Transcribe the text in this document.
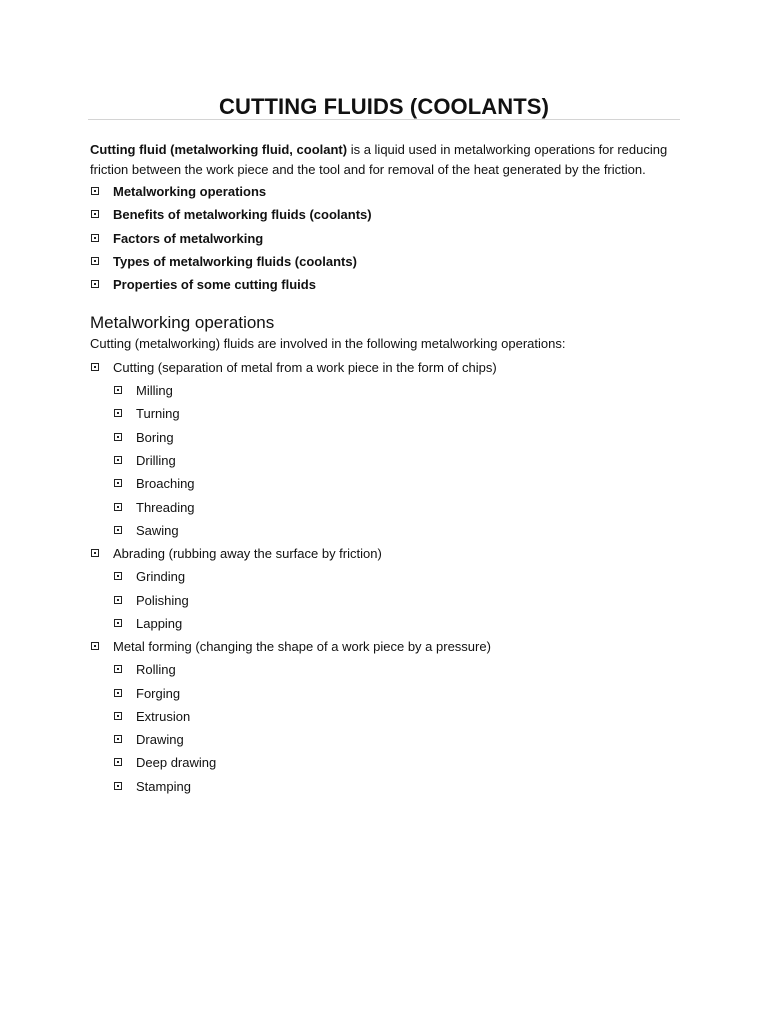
CUTTING FLUIDS (COOLANTS)

Cutting fluid (metalworking fluid, coolant) is a liquid used in metalworking operations for reducing friction between the work piece and the tool and for removal of the heat generated by the friction.

Metalworking operations
Benefits of metalworking fluids (coolants)
Factors of metalworking
Types of metalworking fluids (coolants)
Properties of some cutting fluids
Metalworking operations

Cutting (metalworking) fluids are involved in the following metalworking operations:

Cutting (separation of metal from a work piece in the form of chips)
Milling
Turning
Boring
Drilling
Broaching
Threading
Sawing
Abrading (rubbing away the surface by friction)
Grinding
Polishing
Lapping
Metal forming (changing the shape of a work piece by a pressure)
Rolling
Forging
Extrusion
Drawing
Deep drawing
Stamping
